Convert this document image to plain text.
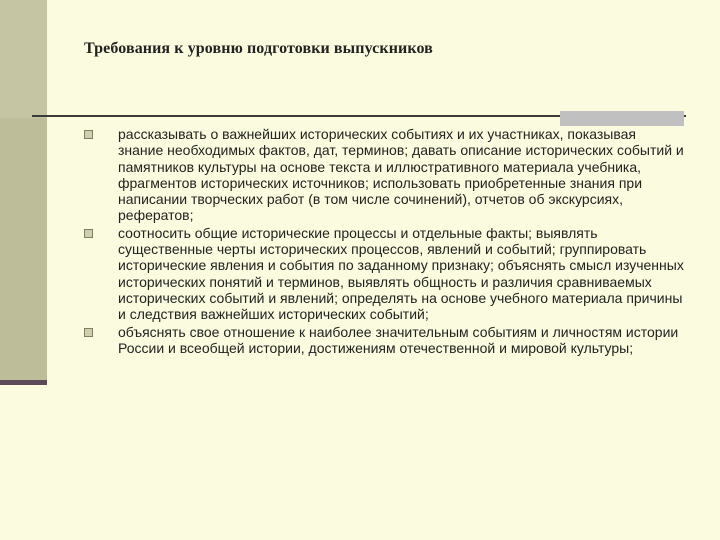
Требования к уровню подготовки выпускников
рассказывать о важнейших исторических событиях и их участниках, показывая знание необходимых фактов, дат, терминов; давать описание исторических событий и памятников культуры на основе текста и иллюстративного материала учебника, фрагментов исторических источников; использовать приобретенные знания при написании творческих работ (в том числе сочинений), отчетов об экскурсиях, рефератов;
соотносить общие исторические процессы и отдельные факты; выявлять существенные черты исторических процессов, явлений и событий; группировать исторические явления и события по заданному признаку; объяснять смысл изученных исторических понятий и терминов, выявлять общность и различия сравниваемых исторических событий и явлений; определять на основе учебного материала причины и следствия важнейших исторических событий;
объяснять свое отношение к наиболее значительным событиям и личностям истории России и всеобщей истории, достижениям отечественной и мировой культуры;
